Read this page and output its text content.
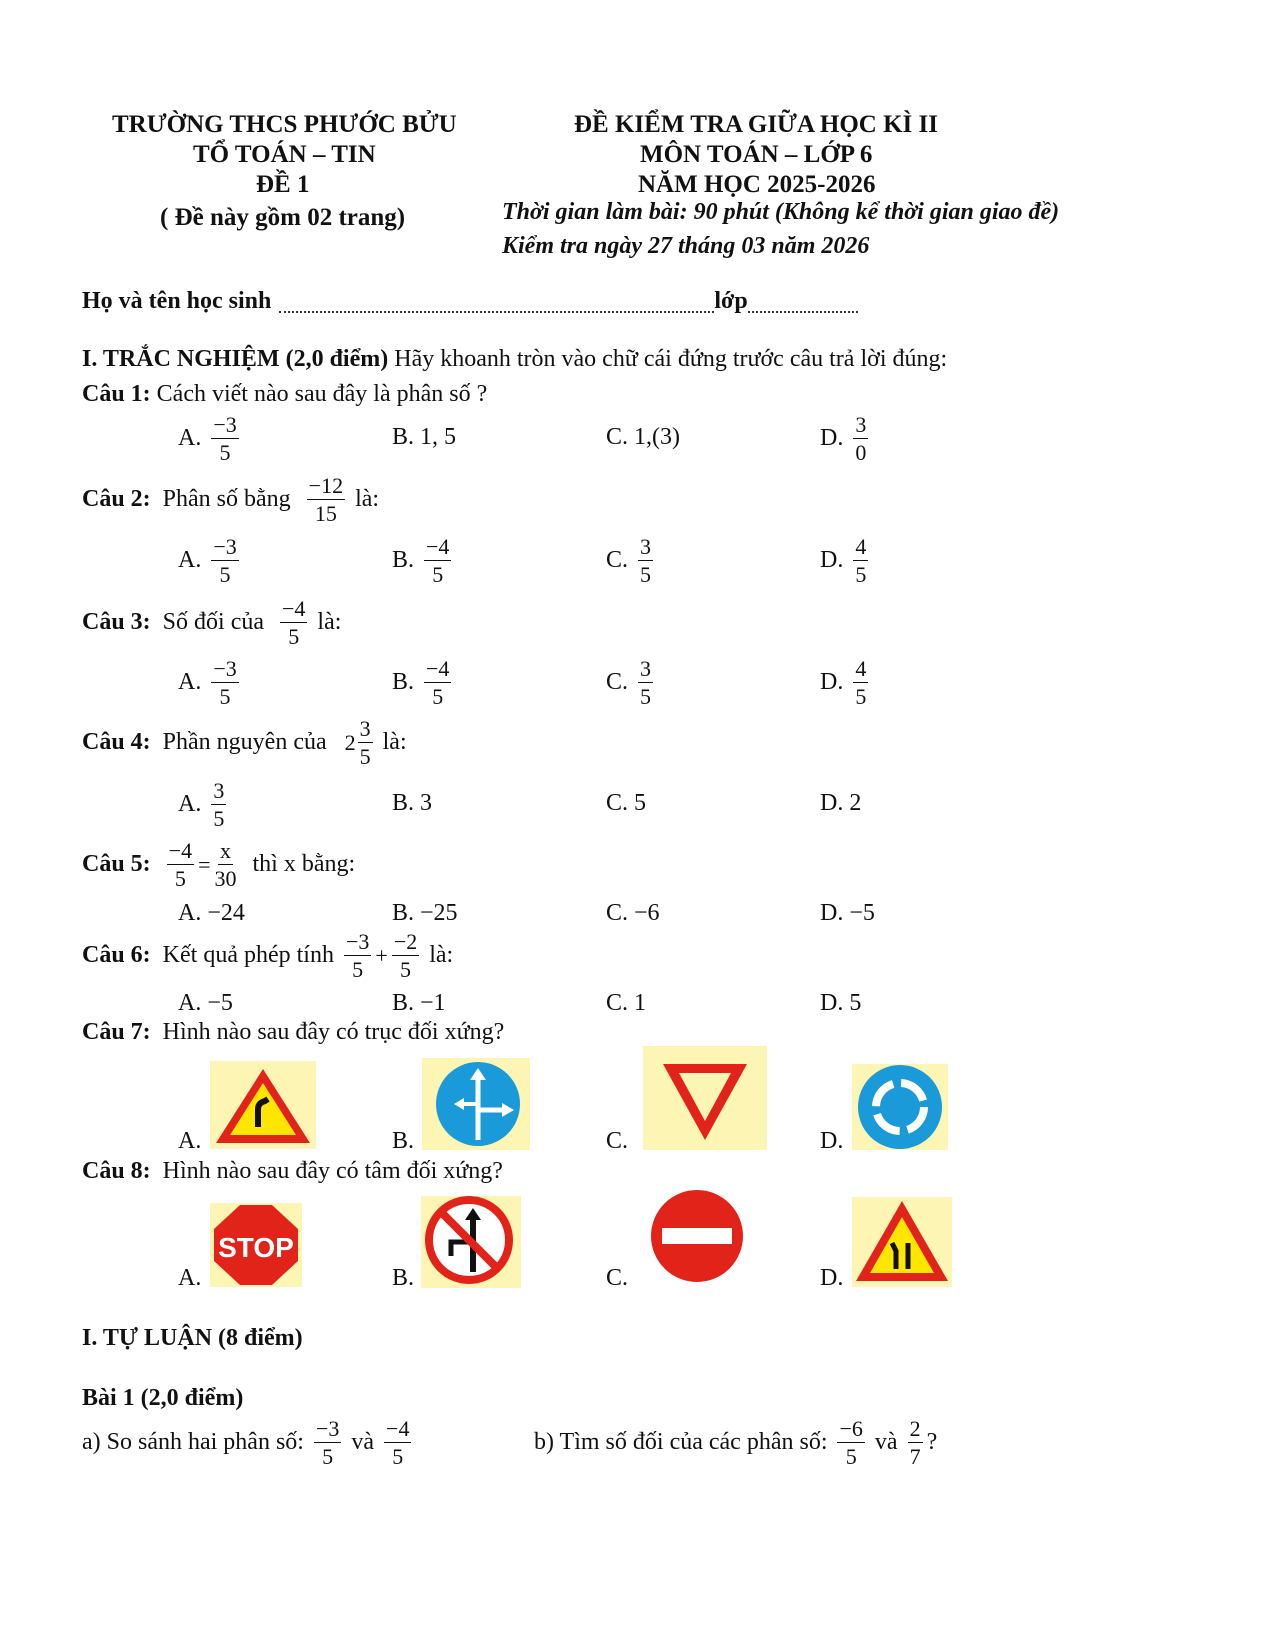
TRƯỜNG THCS PHƯỚC BỬU
TỔ TOÁN – TIN
ĐỀ 1
( Đề này gồm 02 trang)
ĐỀ KIỂM TRA GIỮA HỌC KÌ II
MÔN TOÁN – LỚP 6
NĂM HỌC 2025-2026
Thời gian làm bài: 90 phút (Không kể thời gian giao đề)
Kiểm tra ngày 27 tháng 03 năm 2026
Họ và tên học sinh	lớp
I. TRẮC NGHIỆM (2,0 điểm) Hãy khoanh tròn vào chữ cái đứng trước câu trả lời đúng:
Câu 1: Cách viết nào sau đây là phân số ?
A. $\frac{-3}{5}$	B. 1, 5	C. 1,(3)	D. $\frac{3}{0}$
Câu 2:
Phân số bằng
$\frac{-12}{15}$ là:
A. $\frac{-3}{5}$	B. $\frac{-4}{5}$	C. $\frac{3}{5}$	D. $\frac{4}{5}$
Câu 3:
Số đối của
$\frac{-4}{5}$ là:
A. $\frac{-3}{5}$	B. $\frac{-4}{5}$	C. $\frac{3}{5}$	D. $\frac{4}{5}$
Câu 4:
Phần nguyên của
$2 \frac{3}{5}$ là:
A. $\frac{3}{5}$	B. 3	C. 5	D. 2
Câu 5:
$\frac{-4}{5} = \frac{x}{30}$
thì x bằng:
A. −24	B. −25	C. −6	D. −5
Câu 6:
Kết quả phép tính
$\frac{-3}{5} + \frac{-2}{5}$
là:
A. −5	B. −1	C. 1	D. 5
Câu 7: Hình nào sau đây có trục đối xứng?
A.	B.	C.	D.
Câu 8: Hình nào sau đây có tâm đối xứng?
A.	B.	C.	D.
STOP
I. TỰ LUẬN (8 điểm)
Bài 1 (2,0 điểm)
a) So sánh hai phân số:
$\frac{-3}{5}$
và
$\frac{-4}{5}$	b) Tìm số đối của các phân số:
$\frac{-6}{5}$
và
$\frac{2}{7}$ ?
